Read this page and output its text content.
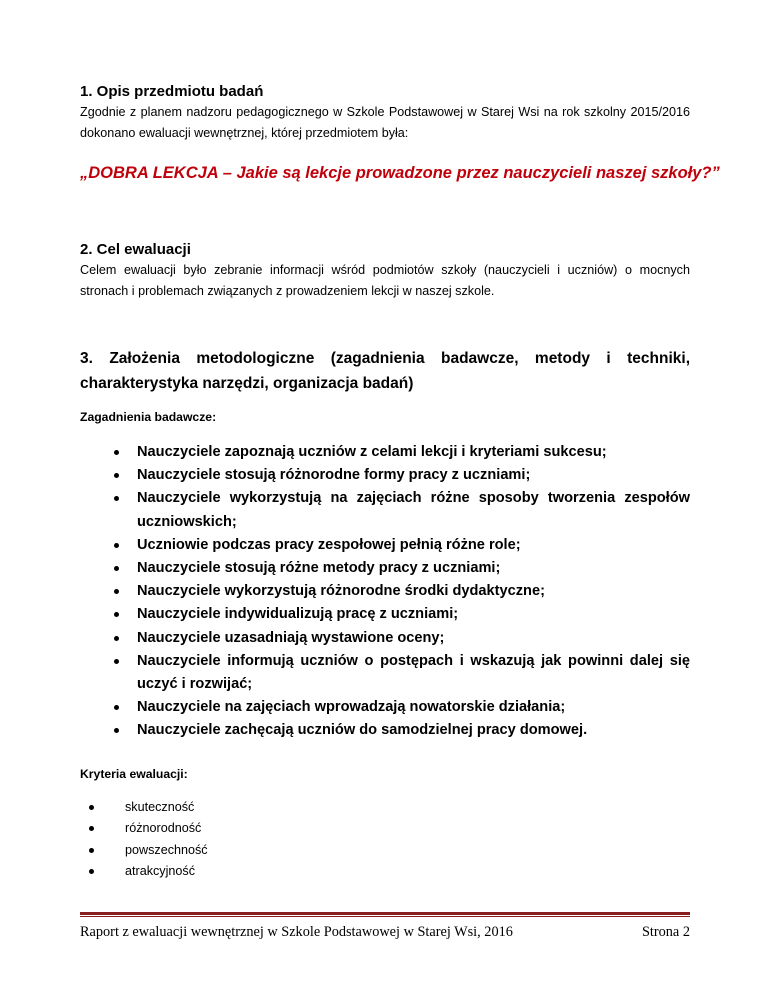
1. Opis przedmiotu badań

Zgodnie z planem nadzoru pedagogicznego w Szkole Podstawowej w Starej Wsi na rok szkolny 2015/2016 dokonano ewaluacji wewnętrznej, której przedmiotem była:

„DOBRA LEKCJA – Jakie są lekcje prowadzone przez nauczycieli naszej szkoły?”

2. Cel ewaluacji

Celem ewaluacji było zebranie informacji wśród podmiotów szkoły (nauczycieli i uczniów) o mocnych stronach i problemach związanych z prowadzeniem lekcji w naszej szkole.

3. Założenia metodologiczne (zagadnienia badawcze, metody i techniki, charakterystyka narzędzi, organizacja badań)

Zagadnienia badawcze:

Nauczyciele zapoznają uczniów z celami lekcji i kryteriami sukcesu;
Nauczyciele stosują różnorodne formy pracy z uczniami;
Nauczyciele wykorzystują na zajęciach różne sposoby tworzenia zespołów uczniowskich;
Uczniowie podczas pracy zespołowej pełnią różne role;
Nauczyciele stosują różne metody pracy z uczniami;
Nauczyciele wykorzystują różnorodne środki dydaktyczne;
Nauczyciele indywidualizują pracę z uczniami;
Nauczyciele uzasadniają wystawione oceny;
Nauczyciele informują uczniów o postępach i wskazują jak powinni dalej się uczyć i rozwijać;
Nauczyciele na zajęciach wprowadzają nowatorskie działania;
Nauczyciele zachęcają uczniów do samodzielnej pracy domowej.

Kryteria ewaluacji:

skuteczność
różnorodność
powszechność
atrakcyjność
Raport z ewaluacji wewnętrznej w Szkole Podstawowej w Starej Wsi, 2016	Strona 2
